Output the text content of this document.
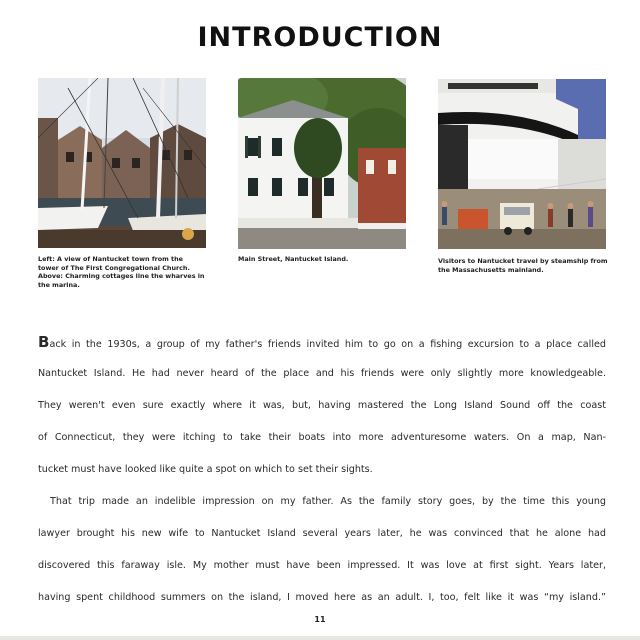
INTRODUCTION
Left: A view of Nantucket town from the
tower of The First Congregational Church.
Above: Charming cottages line the wharves in
the marina.
Main Street, Nantucket Island.	Visitors to Nantucket travel by steamship from
the Massachusetts mainland.
Back in the 1930s, a group of my father's friends invited him to go on a fishing excursion to a place called
Nantucket Island. He had never heard of the place and his friends were only slightly more knowledgeable.
They weren't even sure exactly where it was, but, having mastered the Long Island Sound off the coast
of Connecticut, they were itching to take their boats into more adventuresome waters. On a map, Nan-
tucket must have looked like quite a spot on which to set their sights.
That trip made an indelible impression on my father. As the family story goes, by the time this young
lawyer brought his new wife to Nantucket Island several years later, he was convinced that he alone had
discovered this faraway isle. My mother must have been impressed. It was love at first sight. Years later,
having spent childhood summers on the island, I moved here as an adult. I, too, felt like it was “my island.”
11
